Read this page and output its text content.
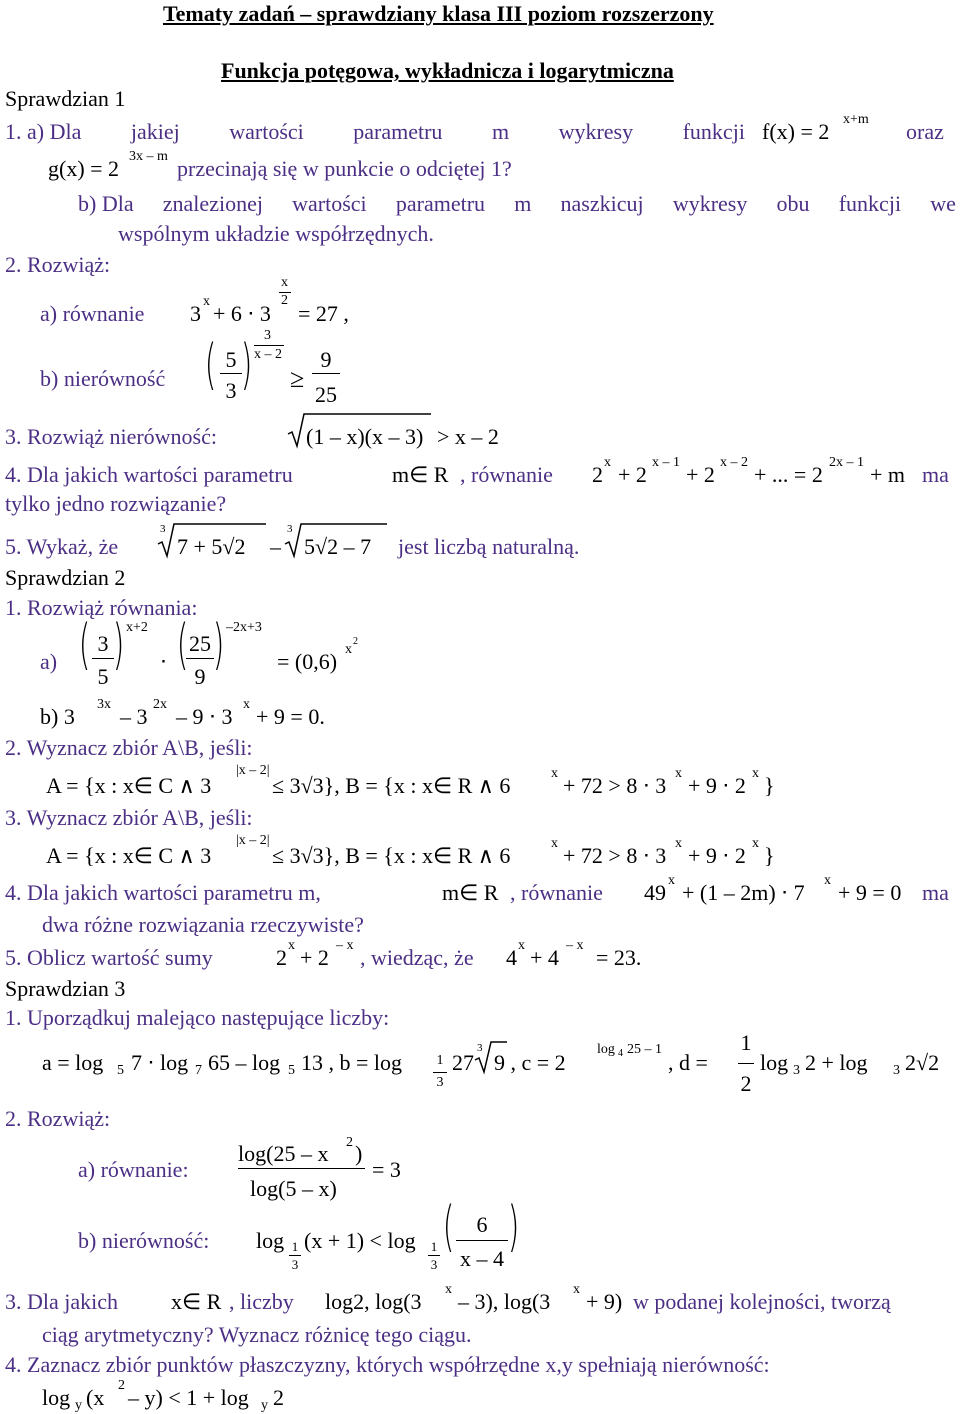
Tematy zadań – sprawdziany klasa III poziom rozszerzony
Funkcja potęgowa, wykładnicza i logarytmiczna
Sprawdzian 1
1. a) Dla jakiej wartości parametru m wykresy funkcji f(x) = 2 x+m oraz
g(x) = 2 3x – m przecinają się w punkcie o odciętej 1?
b) Dla znalezionej wartości parametru m naszkicuj wykresy obu funkcji we
wspólnym układzie współrzędnych.
2. Rozwiąż:
a) równanie 3 x + 6 ⋅ 3
x
2
= 27 ,
b) nierówność ( 5
3 ) 3
x – 2
≥
9
25
3. Rozwiąż nierówność:	(1 – x)(x – 3) > x – 2
4. Dla jakich wartości parametru	m∈ R , równanie 2 x + 2 x – 1 + 2 x – 2 + ... = 2 2x – 1 + m ma
tylko jedno rozwiązanie?
5. Wykaż, że
3
7 + 5√2 –
3
5√2 – 7 jest liczbą naturalną.
Sprawdzian 2
1. Rozwiąż równania:
a) ( 3
5
) x+2
⋅ ( 25
9
) –2x+3
= (0,6) x
2
b) 3 3x – 3 2x – 9 ⋅ 3 x + 9 = 0.
2. Wyznacz zbiór A\B, jeśli:
A = {x : x∈ C ∧ 3
|x – 2|
≤ 3√3}, B = {x : x∈ R ∧ 6	x + 72 > 8 ⋅ 3 x + 9 ⋅ 2 x }
3. Wyznacz zbiór A\B, jeśli:
A = {x : x∈ C ∧ 3
|x – 2|
≤ 3√3}, B = {x : x∈ R ∧ 6	x + 72 > 8 ⋅ 3 x + 9 ⋅ 2 x }
4. Dla jakich wartości parametru m,	m∈ R , równanie 49 x + (1 – 2m) ⋅ 7 x + 9 = 0 ma
dwa różne rozwiązania rzeczywiste?
5. Oblicz wartość sumy	2 x + 2 – x , wiedząc, że 4 x + 4 – x = 23.
Sprawdzian 3
1. Uporządkuj malejąco następujące liczby:
a = log 5 7 ⋅ log 7 65 – log 5 13 , b = log 1
3
27
3
9 , c = 2
log 4 25 – 1
, d =
1
2
log 3 2 + log 3 2√2
2. Rozwiąż:
a) równanie:
log(25 – x 2 )
log(5 – x)
= 3
b) nierówność: log 1
3
(x + 1) < log 1
3
(	6
x – 4
)
3. Dla jakich x∈ R , liczby log2, log(3 x – 3), log(3 x + 9) w podanej kolejności, tworzą
ciąg arytmetyczny? Wyznacz różnicę tego ciągu.
4. Zaznacz zbiór punktów płaszczyzny, których współrzędne x,y spełniają nierówność:
log y (x 2 – y) < 1 + log y 2
